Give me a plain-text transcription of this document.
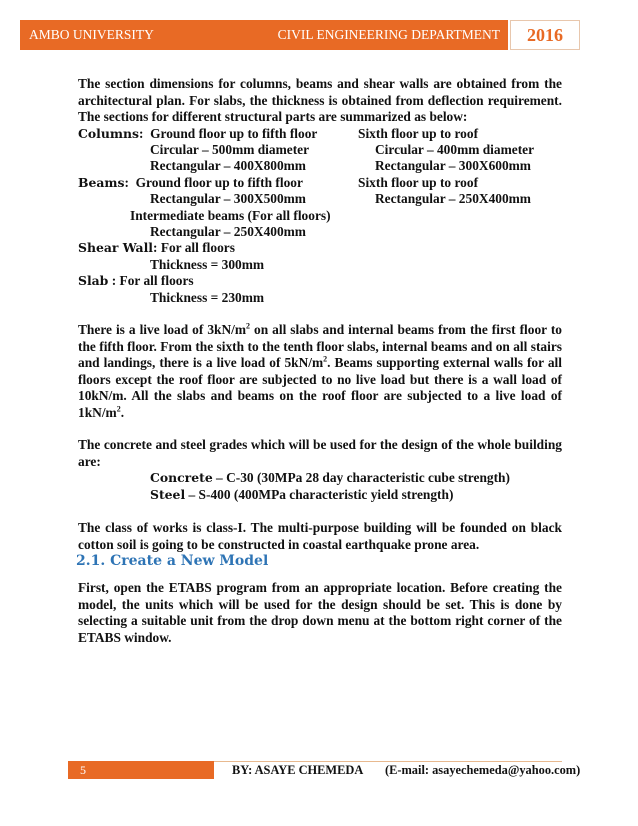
AMBO UNIVERSITY	CIVIL ENGINEERING DEPARTMENT	2016
The section dimensions for columns, beams and shear walls are obtained from the architectural plan. For slabs, the thickness is obtained from deflection requirement. The sections for different structural parts are summarized as below:
Columns:  Ground floor up to fifth floor	Sixth floor up to roof
Circular – 500mm diameter	Circular – 400mm diameter
Rectangular – 400X800mm	Rectangular – 300X600mm
Beams:  Ground floor up to fifth floor	Sixth floor up to roof
Rectangular – 300X500mm	Rectangular – 250X400mm
Intermediate beams (For all floors)
Rectangular – 250X400mm
Shear Wall: For all floors
Thickness = 300mm
Slab : For all floors
Thickness = 230mm
There is a live load of $3kN/m^2$ on all slabs and internal beams from the first floor to the fifth floor. From the sixth to the tenth floor slabs, internal beams and on all stairs and landings, there is a live load of $5kN/m^2$. Beams supporting external walls for all floors except the roof floor are subjected to no live load but there is a wall load of 10kN/m. All the slabs and beams on the roof floor are subjected to a live load of $1kN/m^2$.
The concrete and steel grades which will be used for the design of the whole building are:
Concrete – C-30 (30MPa 28 day characteristic cube strength)
Steel – S-400 (400MPa characteristic yield strength)
The class of works is class-I. The multi-purpose building will be founded on black cotton soil is going to be constructed in coastal earthquake prone area.
2.1. Create a New Model
First, open the ETABS program from an appropriate location. Before creating the model, the units which will be used for the design should be set. This is done by selecting a suitable unit from the drop down menu at the bottom right corner of the ETABS window.
5	BY: ASAYE CHEMEDA (E-mail: asayechemeda@yahoo.com)
